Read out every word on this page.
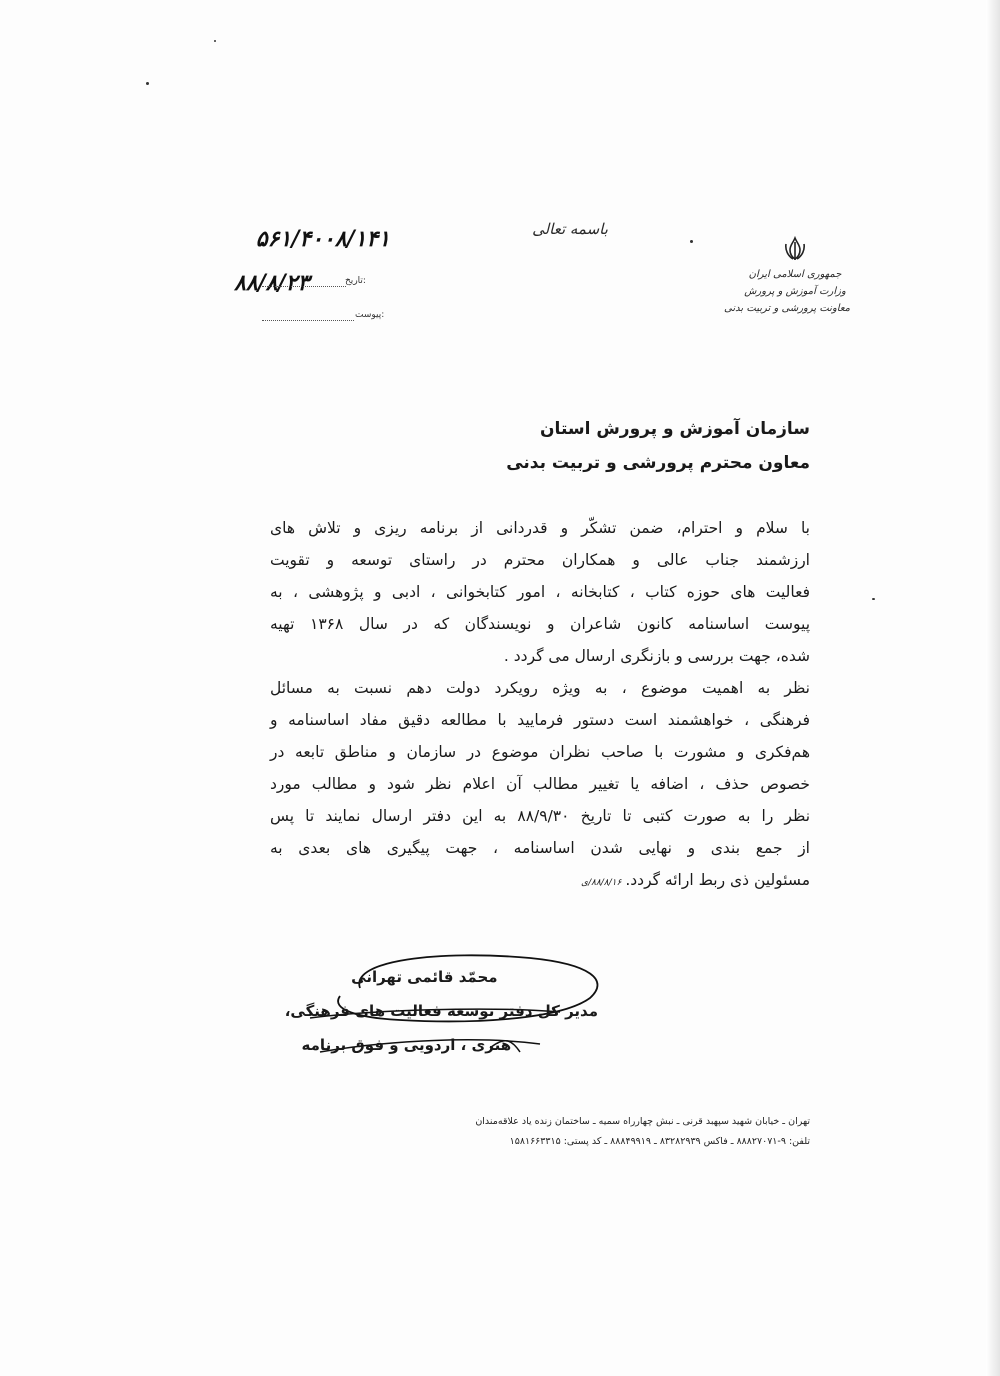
جمهوری اسلامی ایران
وزارت آموزش و پرورش
معاونت پرورشی و تربیت بدنی
باسمه تعالی
۵۶۱/۴۰۰۸/۱۴۱
۸۸/۸/۲۳	تاریخ:
پیوست:
سازمان آموزش و پرورش استان
معاون محترم پرورشی و تربیت بدنی
با سلام و احترام، ضمن تشکّر و قدردانی از برنامه ریزی و تلاش های
ارزشمند جناب عالی و همکاران محترم در راستای توسعه و تقویت
فعالیت های حوزه کتاب ، کتابخانه ، امور کتابخوانی ، ادبی و پژوهشی ، به
پیوست اساسنامه کانون شاعران و نویسندگان که در سال ۱۳۶۸ تهیه
شده، جهت بررسی و بازنگری ارسال می گردد .
نظر به اهمیت موضوع ، به ویژه رویکرد دولت دهم نسبت به مسائل
فرهنگی ، خواهشمند است دستور فرمایید با مطالعه دقیق مفاد اساسنامه و
هم‌فکری و مشورت با صاحب نظران موضوع در سازمان و مناطق تابعه در
خصوص حذف ، اضافه یا تغییر مطالب آن اعلام نظر شود و مطالب مورد
نظر را به صورت کتبی تا تاریخ ۸۸/۹/۳۰ به این دفتر ارسال نمایند تا پس
از جمع بندی و نهایی شدن اساسنامه ، جهت پیگیری های بعدی به
مسئولین ذی ربط ارائه گردد.۸۸/۸/۱۶/ی
محمّد قائمی تهرانی
مدیر کل دفتر توسعه فعالیت های فرهنگی،
هنری ، اردویی و فوق برنامه
تهران ـ خیابان شهید سپهبد قرنی ـ نبش چهارراه سمیه ـ ساختمان زنده یاد علاقه‌مندان
تلفن: ۹-۸۸۸۲۷۰۷۱ ـ فاکس ۸۳۲۸۲۹۳۹ ـ ۸۸۸۴۹۹۱۹ ـ کد پستی: ۱۵۸۱۶۶۳۳۱۵
